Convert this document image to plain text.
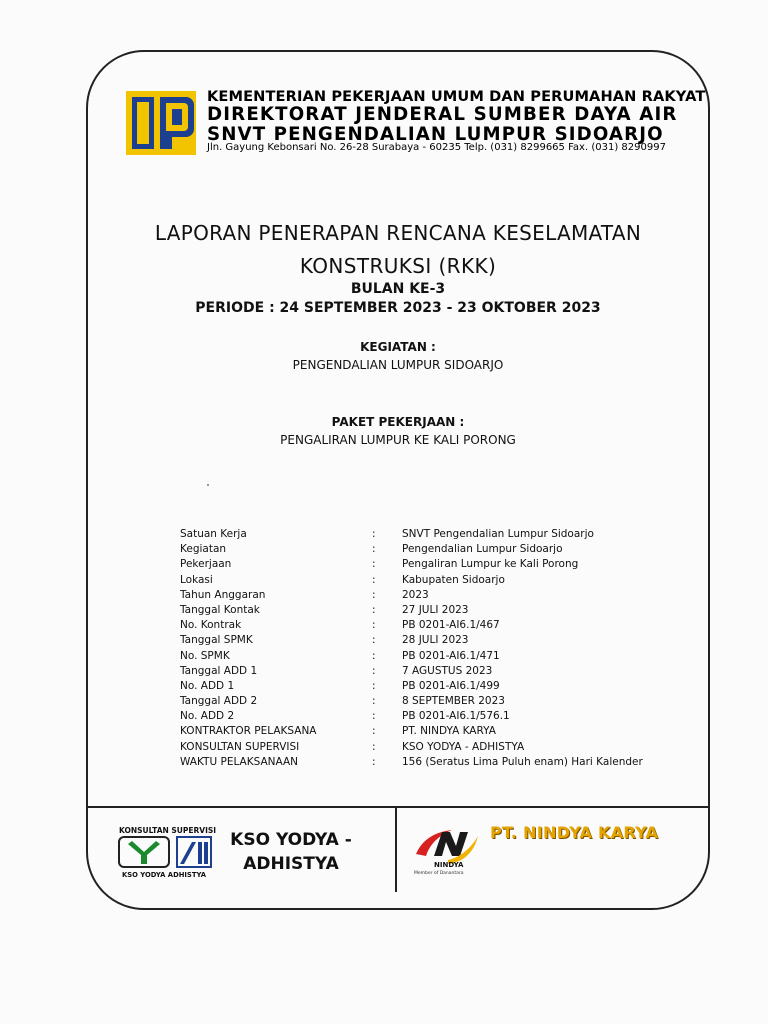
KEMENTERIAN PEKERJAAN UMUM DAN PERUMAHAN RAKYAT
DIREKTORAT JENDERAL SUMBER DAYA AIR
SNVT PENGENDALIAN LUMPUR SIDOARJO
Jln. Gayung Kebonsari No. 26-28 Surabaya - 60235 Telp. (031) 8299665 Fax. (031) 8290997
LAPORAN PENERAPAN RENCANA KESELAMATAN
KONSTRUKSI (RKK)
BULAN KE-3
PERIODE : 24 SEPTEMBER 2023 - 23 OKTOBER 2023
KEGIATAN :
PENGENDALIAN LUMPUR SIDOARJO
PAKET PEKERJAAN :
PENGALIRAN LUMPUR KE KALI PORONG
Satuan Kerja	:	SNVT Pengendalian Lumpur Sidoarjo
Kegiatan	:	Pengendalian Lumpur Sidoarjo
Pekerjaan	:	Pengaliran Lumpur ke Kali Porong
Lokasi	:	Kabupaten Sidoarjo
Tahun Anggaran	:	2023
Tanggal Kontak	:	27 JULI 2023
No. Kontrak	:	PB 0201-AI6.1/467
Tanggal SPMK	:	28 JULI 2023
No. SPMK	:	PB 0201-AI6.1/471
Tanggal ADD 1	:	7 AGUSTUS 2023
No. ADD 1	:	PB 0201-AI6.1/499
Tanggal ADD 2	:	8 SEPTEMBER 2023
No. ADD 2	:	PB 0201-AI6.1/576.1
KONTRAKTOR PELAKSANA	:	PT. NINDYA KARYA
KONSULTAN SUPERVISI	:	KSO YODYA - ADHISTYA
WAKTU PELAKSANAAN	:	156 (Seratus Lima Puluh enam) Hari Kalender
KONSULTAN SUPERVISI
KSO YODYA ADHISTYA
KSO YODYA -
ADHISTYA	NINDYA
Member of Danantara
PT. NINDYA KARYA
